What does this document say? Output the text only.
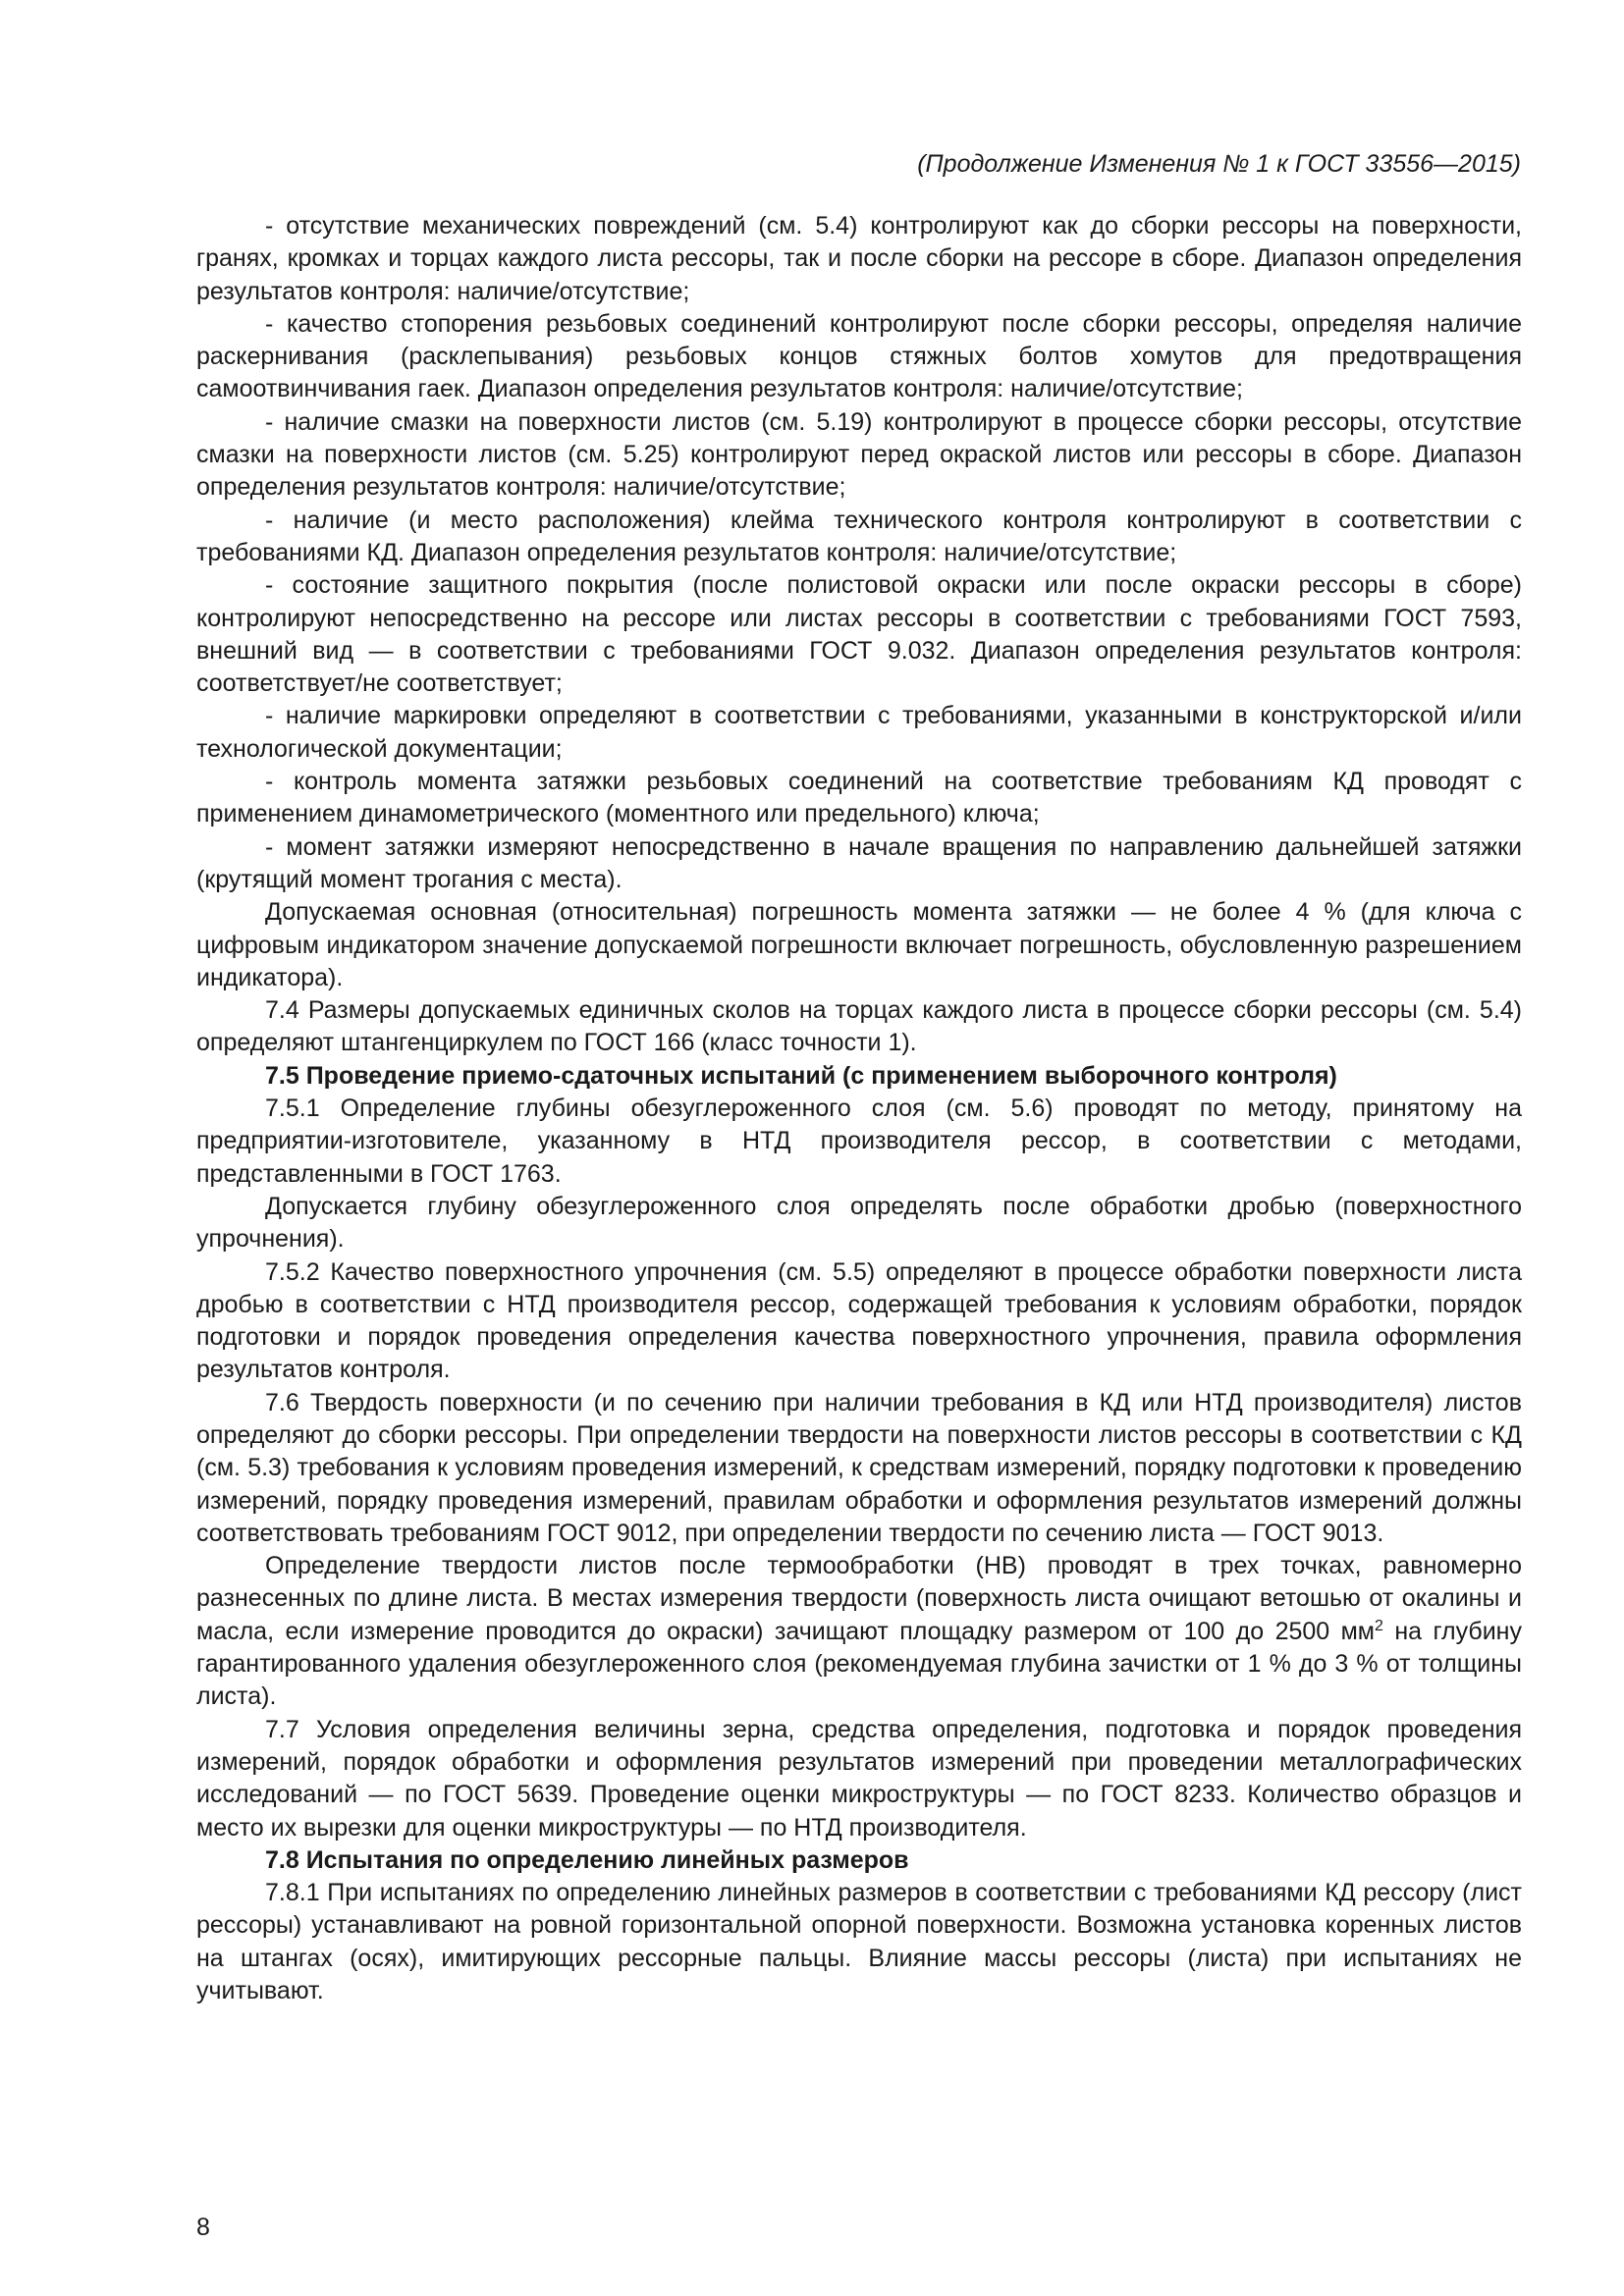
(Продолжение Изменения № 1 к ГОСТ 33556—2015)

- отсутствие механических повреждений (см. 5.4) контролируют как до сборки рессоры на поверхности, гранях, кромках и торцах каждого листа рессоры, так и после сборки на рессоре в сборе. Диапазон определения результатов контроля: наличие/отсутствие;

- качество стопорения резьбовых соединений контролируют после сборки рессоры, определяя наличие раскернивания (расклепывания) резьбовых концов стяжных болтов хомутов для предотвращения самоотвинчивания гаек. Диапазон определения результатов контроля: наличие/отсутствие;

- наличие смазки на поверхности листов (см. 5.19) контролируют в процессе сборки рессоры, отсутствие смазки на поверхности листов (см. 5.25) контролируют перед окраской листов или рессоры в сборе. Диапазон определения результатов контроля: наличие/отсутствие;

- наличие (и место расположения) клейма технического контроля контролируют в соответствии с требованиями КД. Диапазон определения результатов контроля: наличие/отсутствие;

- состояние защитного покрытия (после полистовой окраски или после окраски рессоры в сборе) контролируют непосредственно на рессоре или листах рессоры в соответствии с требованиями ГОСТ 7593, внешний вид — в соответствии с требованиями ГОСТ 9.032. Диапазон определения результатов контроля: соответствует/не соответствует;

- наличие маркировки определяют в соответствии с требованиями, указанными в конструкторской и/или технологической документации;

- контроль момента затяжки резьбовых соединений на соответствие требованиям КД проводят с применением динамометрического (моментного или предельного) ключа;

- момент затяжки измеряют непосредственно в начале вращения по направлению дальнейшей затяжки (крутящий момент трогания с места).

Допускаемая основная (относительная) погрешность момента затяжки — не более 4 % (для ключа с цифровым индикатором значение допускаемой погрешности включает погрешность, обусловленную разрешением индикатора).

7.4 Размеры допускаемых единичных сколов на торцах каждого листа в процессе сборки рессоры (см. 5.4) определяют штангенциркулем по ГОСТ 166 (класс точности 1).

7.5 Проведение приемо-сдаточных испытаний (с применением выборочного контроля)

7.5.1 Определение глубины обезуглероженного слоя (см. 5.6) проводят по методу, принятому на предприятии-изготовителе, указанному в НТД производителя рессор, в соответствии с методами, представленными в ГОСТ 1763.

Допускается глубину обезуглероженного слоя определять после обработки дробью (поверхностного упрочнения).

7.5.2 Качество поверхностного упрочнения (см. 5.5) определяют в процессе обработки поверхности листа дробью в соответствии с НТД производителя рессор, содержащей требования к условиям обработки, порядок подготовки и порядок проведения определения качества поверхностного упрочнения, правила оформления результатов контроля.

7.6 Твердость поверхности (и по сечению при наличии требования в КД или НТД производителя) листов определяют до сборки рессоры. При определении твердости на поверхности листов рессоры в соответствии с КД (см. 5.3) требования к условиям проведения измерений, к средствам измерений, порядку подготовки к проведению измерений, порядку проведения измерений, правилам обработки и оформления результатов измерений должны соответствовать требованиям ГОСТ 9012, при определении твердости по сечению листа — ГОСТ 9013.

Определение твердости листов после термообработки (НВ) проводят в трех точках, равномерно разнесенных по длине листа. В местах измерения твердости (поверхность листа очищают ветошью от окалины и масла, если измерение проводится до окраски) зачищают площадку размером от 100 до 2500 $мм^2$ на глубину гарантированного удаления обезуглероженного слоя (рекомендуемая глубина зачистки от 1 % до 3 % от толщины листа).

7.7 Условия определения величины зерна, средства определения, подготовка и порядок проведения измерений, порядок обработки и оформления результатов измерений при проведении металлографических исследований — по ГОСТ 5639. Проведение оценки микроструктуры — по ГОСТ 8233. Количество образцов и место их вырезки для оценки микроструктуры — по НТД производителя.

7.8 Испытания по определению линейных размеров

7.8.1 При испытаниях по определению линейных размеров в соответствии с требованиями КД рессору (лист рессоры) устанавливают на ровной горизонтальной опорной поверхности. Возможна установка коренных листов на штангах (осях), имитирующих рессорные пальцы. Влияние массы рессоры (листа) при испытаниях не учитывают.

8
